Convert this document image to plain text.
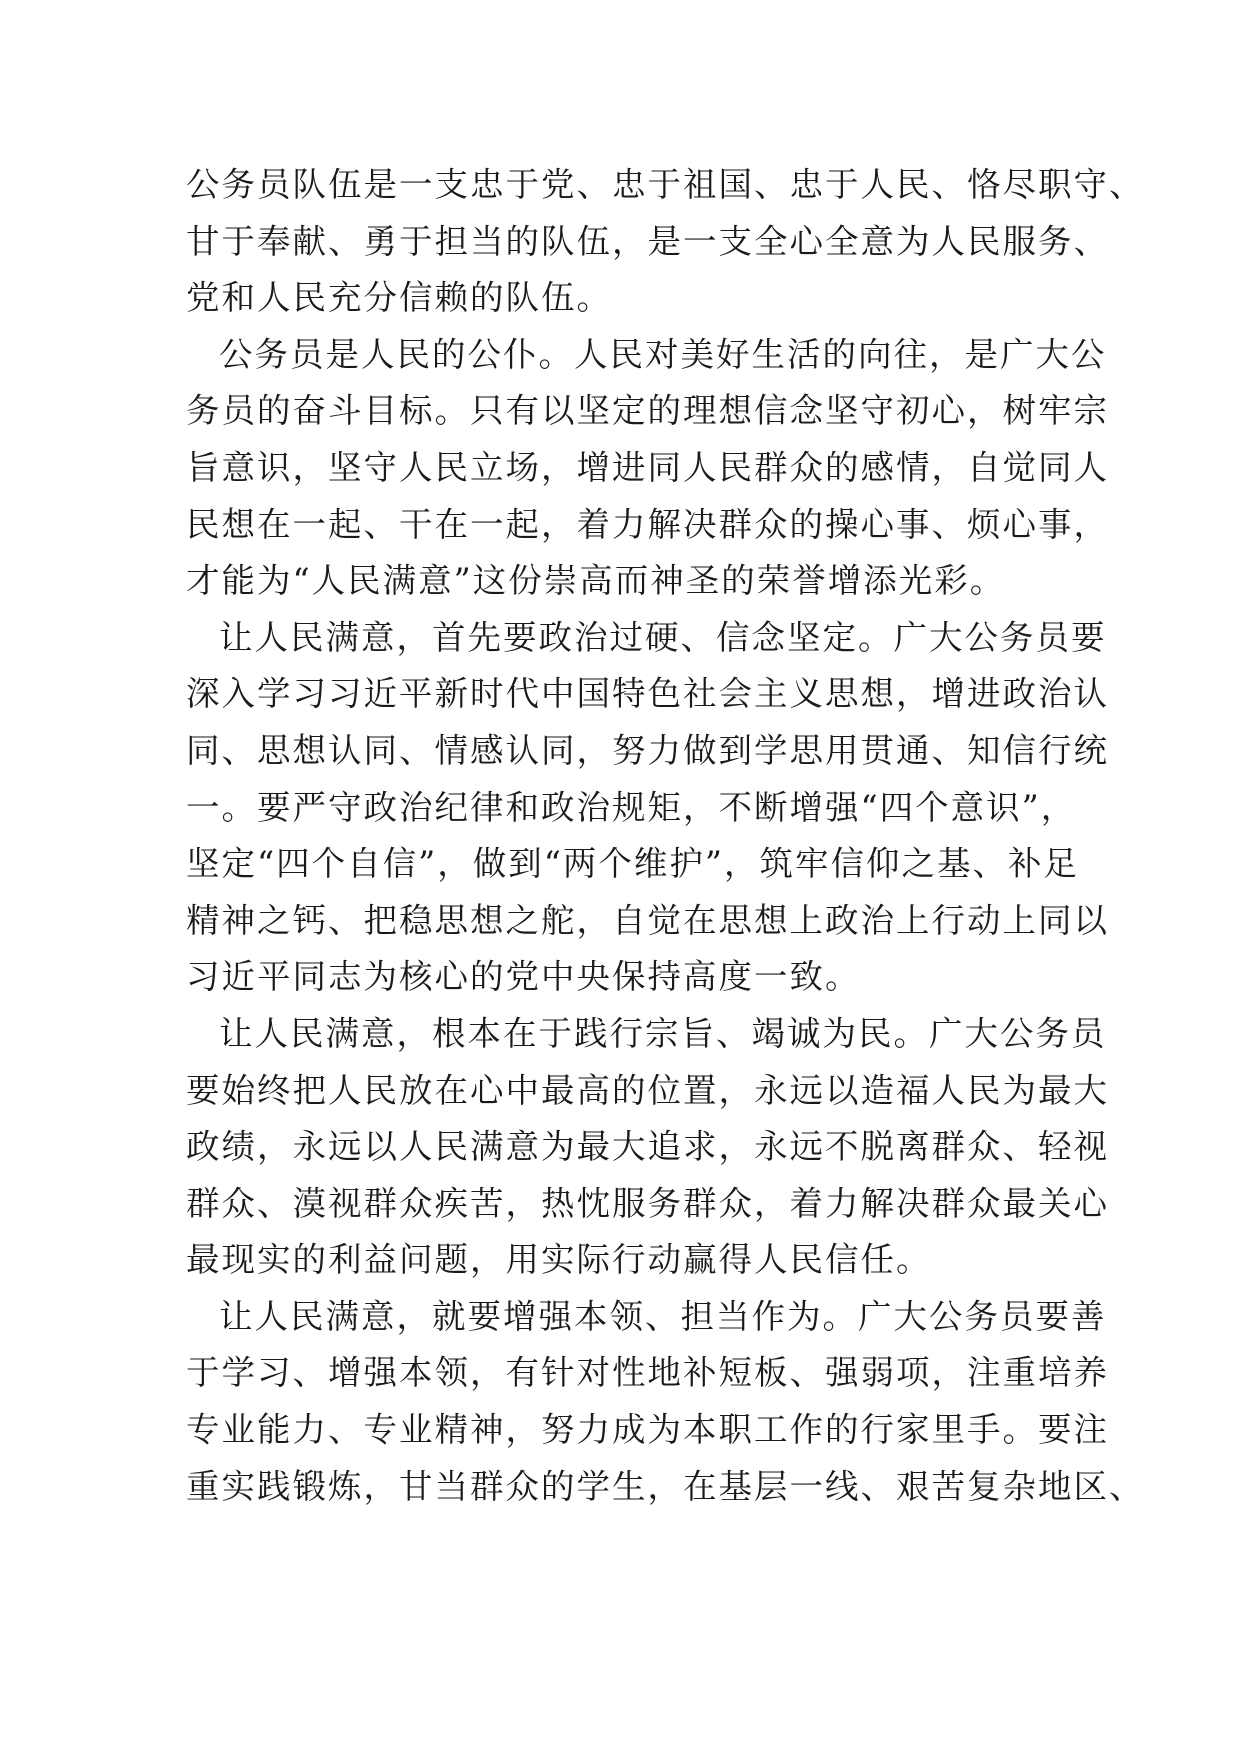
公务员队伍是一支忠于党、忠于祖国、忠于人民、恪尽职守、
甘于奉献、勇于担当的队伍，是一支全心全意为人民服务、
党和人民充分信赖的队伍。
公务员是人民的公仆。人民对美好生活的向往，是广大公
务员的奋斗目标。只有以坚定的理想信念坚守初心，树牢宗
旨意识，坚守人民立场，增进同人民群众的感情，自觉同人
民想在一起、干在一起，着力解决群众的操心事、烦心事，
才能为“人民满意”这份崇高而神圣的荣誉增添光彩。
让人民满意，首先要政治过硬、信念坚定。广大公务员要
深入学习习近平新时代中国特色社会主义思想，增进政治认
同、思想认同、情感认同，努力做到学思用贯通、知信行统
一。要严守政治纪律和政治规矩，不断增强“四个意识”，
坚定“四个自信”，做到“两个维护”，筑牢信仰之基、补足
精神之钙、把稳思想之舵，自觉在思想上政治上行动上同以
习近平同志为核心的党中央保持高度一致。
让人民满意，根本在于践行宗旨、竭诚为民。广大公务员
要始终把人民放在心中最高的位置，永远以造福人民为最大
政绩，永远以人民满意为最大追求，永远不脱离群众、轻视
群众、漠视群众疾苦，热忱服务群众，着力解决群众最关心
最现实的利益问题，用实际行动赢得人民信任。
让人民满意，就要增强本领、担当作为。广大公务员要善
于学习、增强本领，有针对性地补短板、强弱项，注重培养
专业能力、专业精神，努力成为本职工作的行家里手。要注
重实践锻炼，甘当群众的学生，在基层一线、艰苦复杂地区、
